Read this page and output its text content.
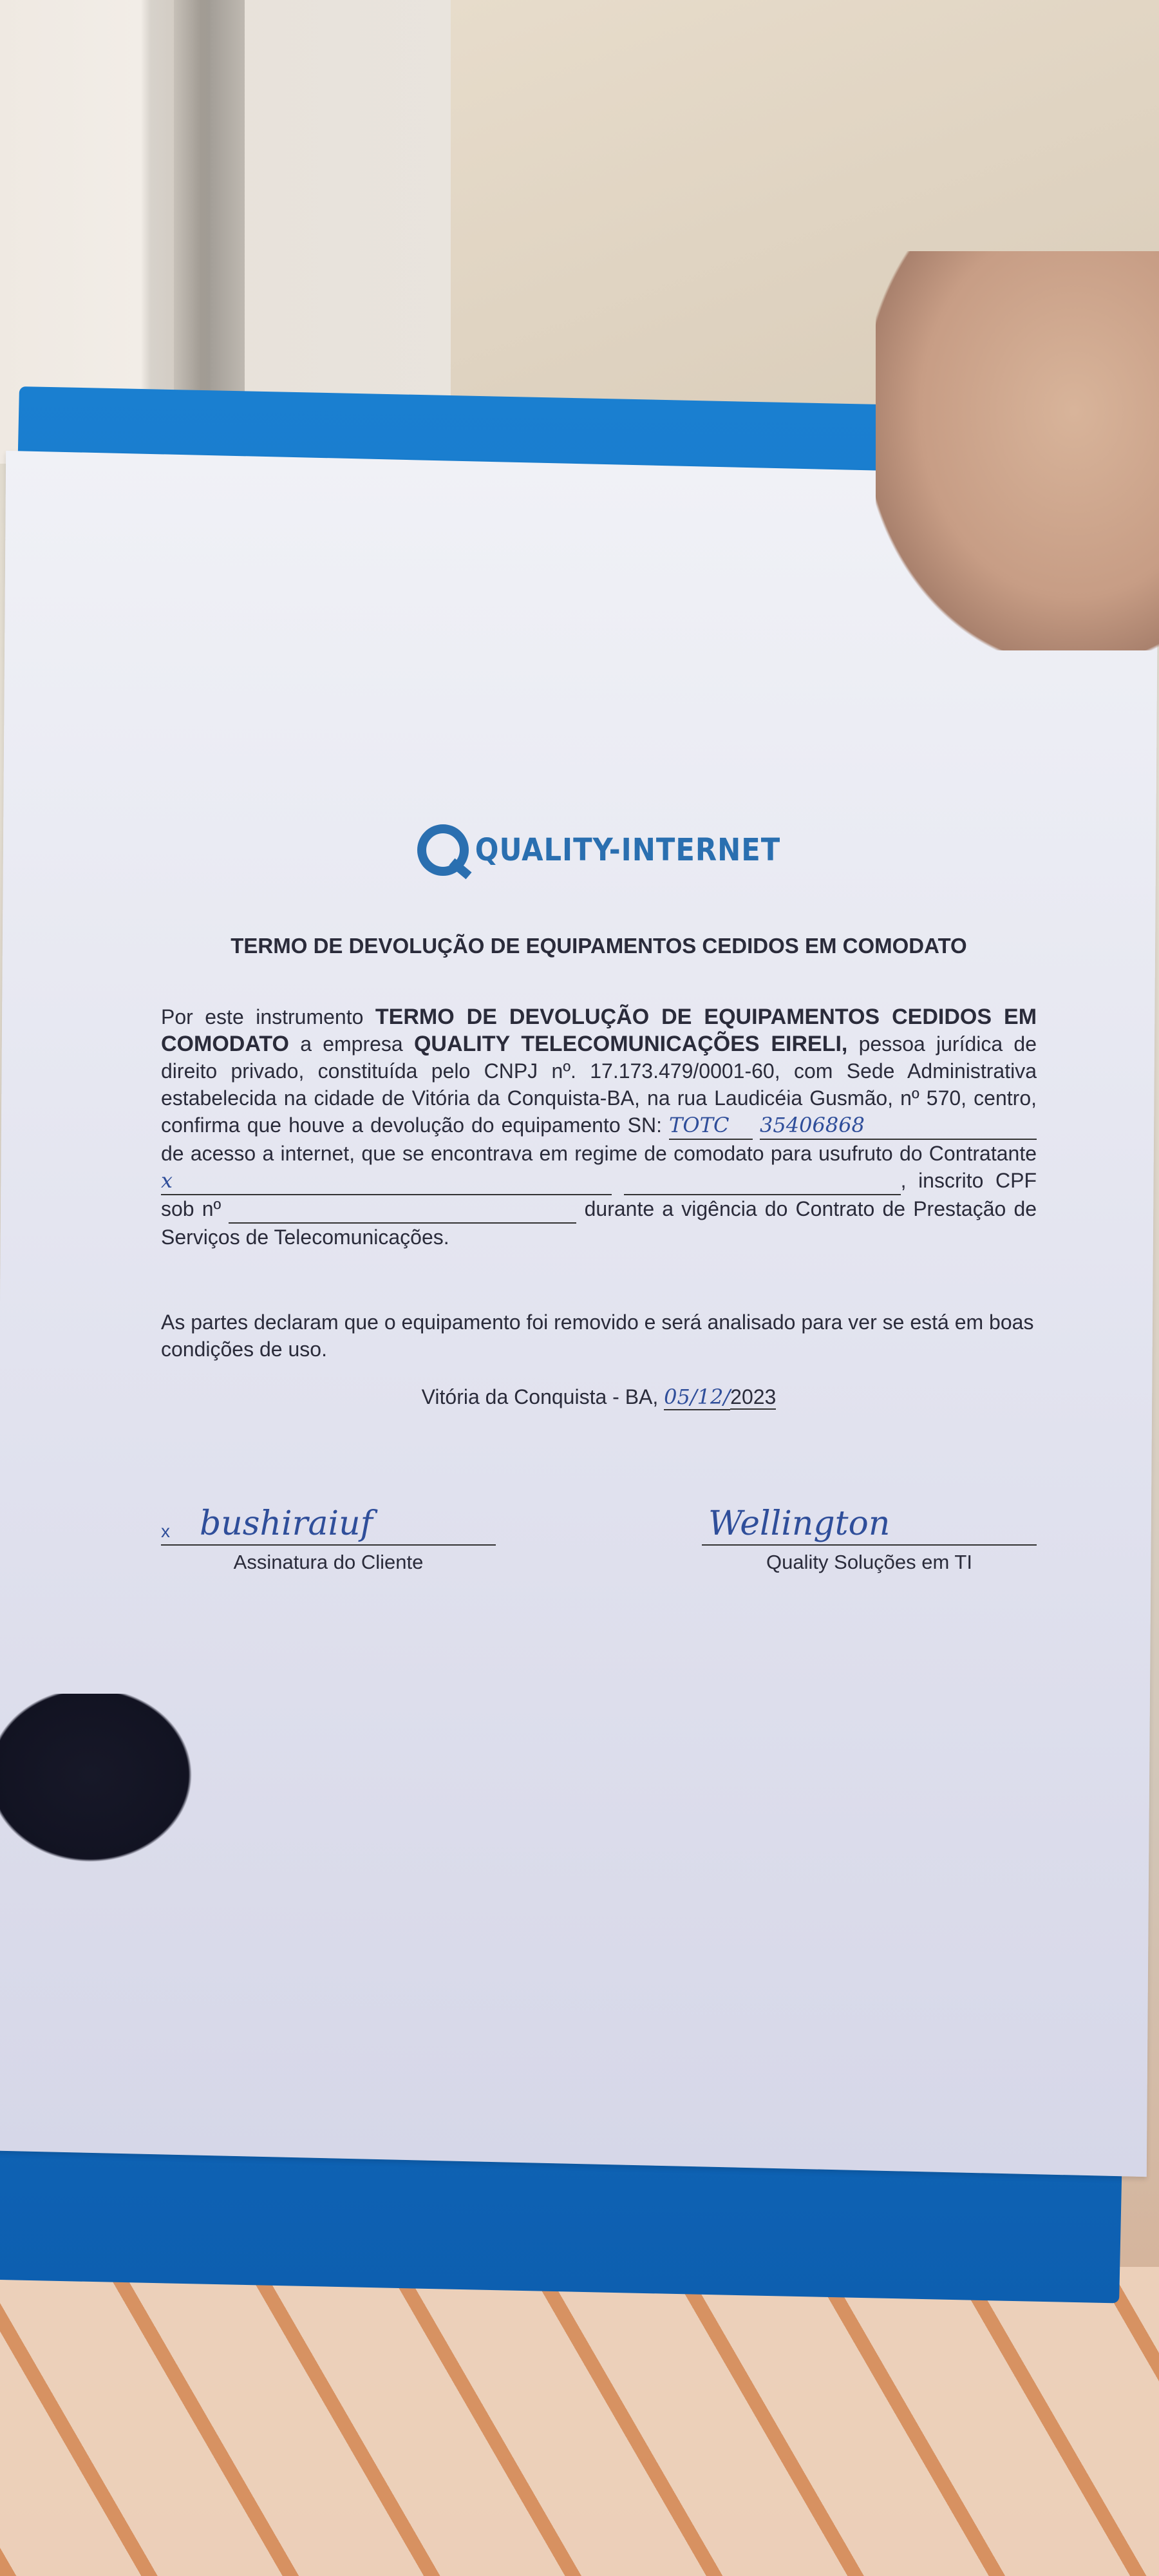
QUALITY-INTERNET
TERMO DE DEVOLUÇÃO DE EQUIPAMENTOS CEDIDOS EM COMODATO
Por este instrumento TERMO DE DEVOLUÇÃO DE EQUIPAMENTOS CEDIDOS EM COMODATO a empresa QUALITY TELECOMUNICAÇÕES EIRELI, pessoa jurídica de direito privado, constituída pelo CNPJ nº. 17.173.479/0001-60, com Sede Administrativa estabelecida na cidade de Vitória da Conquista-BA, na rua Laudicéia Gusmão, nº 570, centro, confirma que houve a devolução do equipamento SN: TOTC 35406868 de acesso a internet, que se encontrava em regime de comodato para usufruto do Contratante x	, inscrito CPF sob nº	durante a vigência do Contrato de Prestação de Serviços de Telecomunicações.
As partes declaram que o equipamento foi removido e será analisado para ver se está em boas condições de uso.
Vitória da Conquista - BA, 05/12/2023
x bushiraiuf
Assinatura do Cliente
Wellington
Quality Soluções em TI
